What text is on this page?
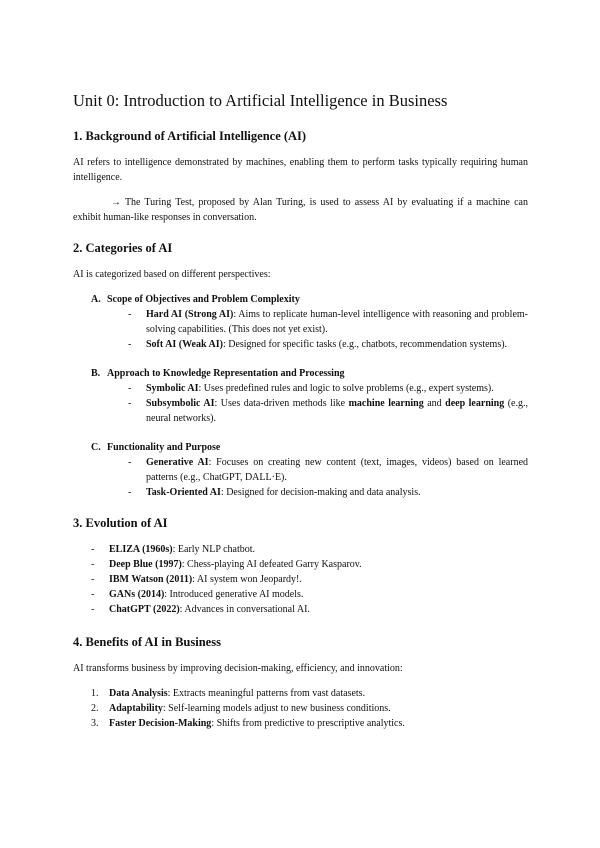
Unit 0: Introduction to Artificial Intelligence in Business
1. Background of Artificial Intelligence (AI)

AI refers to intelligence demonstrated by machines, enabling them to perform tasks typically requiring human intelligence.

→ The Turing Test, proposed by Alan Turing, is used to assess AI by evaluating if a machine can exhibit human-like responses in conversation.

2. Categories of AI

AI is categorized based on different perspectives:

A. Scope of Objectives and Problem Complexity
-	Hard AI (Strong AI): Aims to replicate human-level intelligence with reasoning and problem-solving capabilities. (This does not yet exist).
-	Soft AI (Weak AI): Designed for specific tasks (e.g., chatbots, recommendation systems).
B. Approach to Knowledge Representation and Processing
-	Symbolic AI: Uses predefined rules and logic to solve problems (e.g., expert systems).
-	Subsymbolic AI: Uses data-driven methods like machine learning and deep learning (e.g., neural networks).
C. Functionality and Purpose
-	Generative AI: Focuses on creating new content (text, images, videos) based on learned patterns (e.g., ChatGPT, DALL·E).
-	Task-Oriented AI: Designed for decision-making and data analysis.
3. Evolution of AI
-	ELIZA (1960s): Early NLP chatbot.
-	Deep Blue (1997): Chess-playing AI defeated Garry Kasparov.
-	IBM Watson (2011): AI system won Jeopardy!.
-	GANs (2014): Introduced generative AI models.
-	ChatGPT (2022): Advances in conversational AI.
4. Benefits of AI in Business

AI transforms business by improving decision-making, efficiency, and innovation:

1.	Data Analysis: Extracts meaningful patterns from vast datasets.
2.	Adaptability: Self-learning models adjust to new business conditions.
3.	Faster Decision-Making: Shifts from predictive to prescriptive analytics.
